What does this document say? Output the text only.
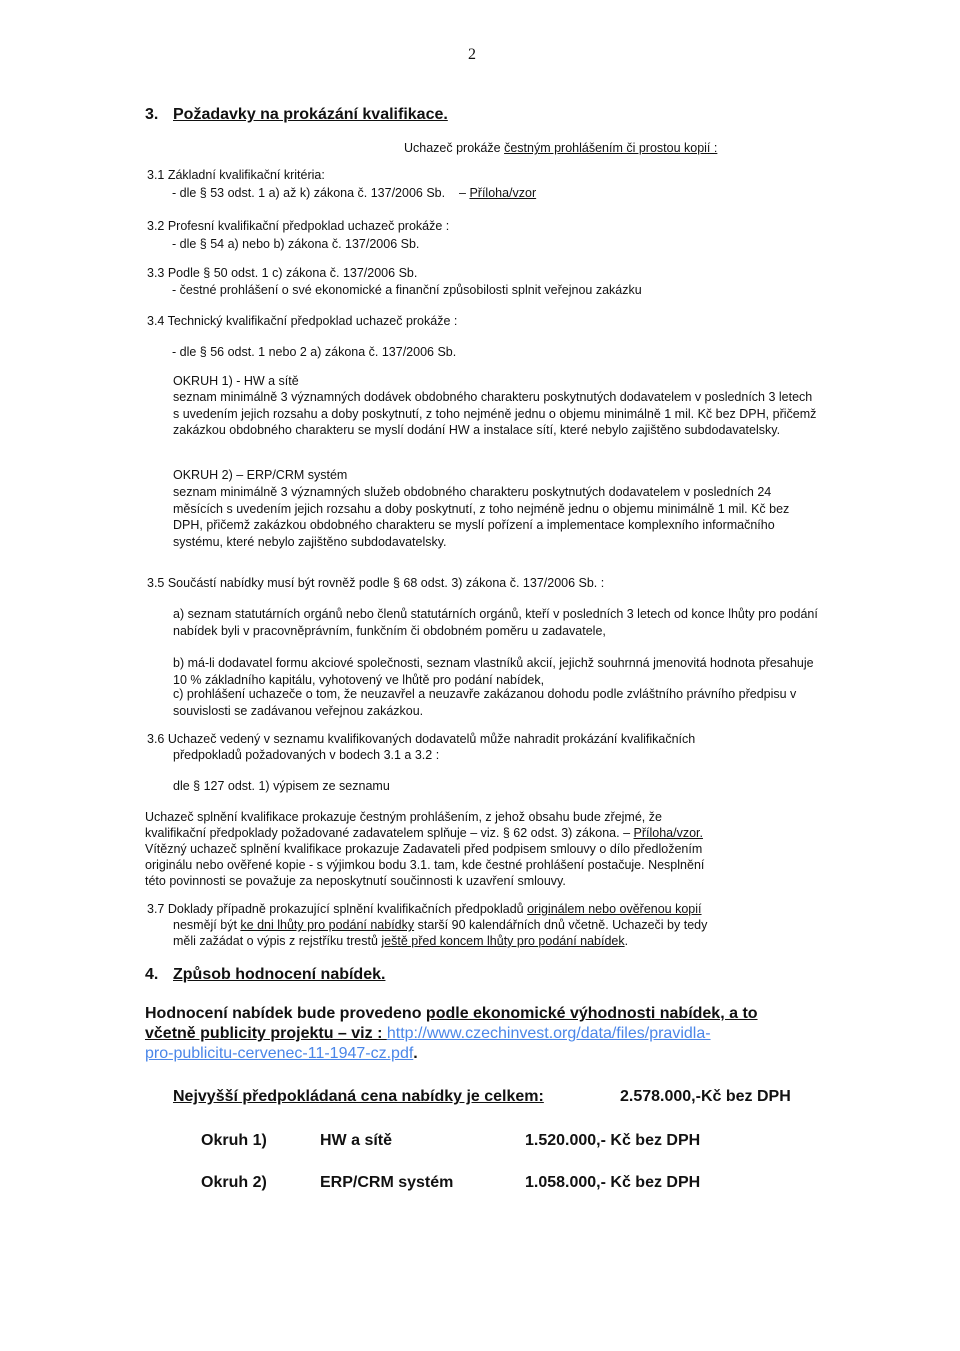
2
3. Požadavky na prokázání kvalifikace.
Uchazeč prokáže čestným prohlášením či prostou kopií :
3.1 Základní kvalifikační kritéria:
- dle § 53 odst. 1 a) až k) zákona č. 137/2006 Sb. – Příloha/vzor
3.2 Profesní kvalifikační předpoklad uchazeč prokáže :
- dle § 54 a) nebo b) zákona č. 137/2006 Sb.
3.3 Podle § 50 odst. 1 c) zákona č. 137/2006 Sb.
- čestné prohlášení o své ekonomické a finanční způsobilosti splnit veřejnou zakázku
3.4 Technický kvalifikační předpoklad uchazeč prokáže :
- dle § 56 odst. 1 nebo 2 a) zákona č. 137/2006 Sb.
OKRUH 1) - HW a sítě
seznam minimálně 3 významných dodávek obdobného charakteru poskytnutých dodavatelem v posledních 3 letech s uvedením jejich rozsahu a doby poskytnutí, z toho nejméně jednu o objemu minimálně 1 mil. Kč bez DPH, přičemž zakázkou obdobného charakteru se myslí dodání HW a instalace sítí, které nebylo zajištěno subdodavatelsky.
OKRUH 2) – ERP/CRM systém
seznam minimálně 3 významných služeb obdobného charakteru poskytnutých dodavatelem v posledních 24 měsících s uvedením jejich rozsahu a doby poskytnutí, z toho nejméně jednu o objemu minimálně 1 mil. Kč bez DPH, přičemž zakázkou obdobného charakteru se myslí pořízení a implementace komplexního informačního systému, které nebylo zajištěno subdodavatelsky.
3.5 Součástí nabídky musí být rovněž podle § 68 odst. 3) zákona č. 137/2006 Sb. :
a) seznam statutárních orgánů nebo členů statutárních orgánů, kteří v posledních 3 letech od konce lhůty pro podání nabídek byli v pracovněprávním, funkčním či obdobném poměru u zadavatele,
b) má-li dodavatel formu akciové společnosti, seznam vlastníků akcií, jejichž souhrnná jmenovitá hodnota přesahuje 10 % základního kapitálu, vyhotovený ve lhůtě pro podání nabídek,
c) prohlášení uchazeče o tom, že neuzavřel a neuzavře zakázanou dohodu podle zvláštního právního předpisu v souvislosti se zadávanou veřejnou zakázkou.
3.6 Uchazeč vedený v seznamu kvalifikovaných dodavatelů může nahradit prokázání kvalifikačních
předpokladů požadovaných v bodech 3.1 a 3.2 :
dle § 127 odst. 1) výpisem ze seznamu
Uchazeč splnění kvalifikace prokazuje čestným prohlášením, z jehož obsahu bude zřejmé, že
kvalifikační předpoklady požadované zadavatelem splňuje – viz. § 62 odst. 3) zákona. – Příloha/vzor.
Vítězný uchazeč splnění kvalifikace prokazuje Zadavateli před podpisem smlouvy o dílo předložením
originálu nebo ověřené kopie - s výjimkou bodu 3.1. tam, kde čestné prohlášení postačuje. Nesplnění
této povinnosti se považuje za neposkytnutí součinnosti k uzavření smlouvy.
3.7 Doklady případně prokazující splnění kvalifikačních předpokladů originálem nebo ověřenou kopií
nesmějí být ke dni lhůty pro podání nabídky starší 90 kalendářních dnů včetně. Uchazeči by tedy
měli zažádat o výpis z rejstříku trestů ještě před koncem lhůty pro podání nabídek.
4. Způsob hodnocení nabídek.
Hodnocení nabídek bude provedeno podle ekonomické výhodnosti nabídek, a to
včetně publicity projektu – viz : http://www.czechinvest.org/data/files/pravidla-
pro-publicitu-cervenec-11-1947-cz.pdf.
Nejvyšší předpokládaná cena nabídky je celkem:	2.578.000,-Kč bez DPH
Okruh 1)	HW a sítě	1.520.000,- Kč bez DPH
Okruh 2)	ERP/CRM systém	1.058.000,- Kč bez DPH
